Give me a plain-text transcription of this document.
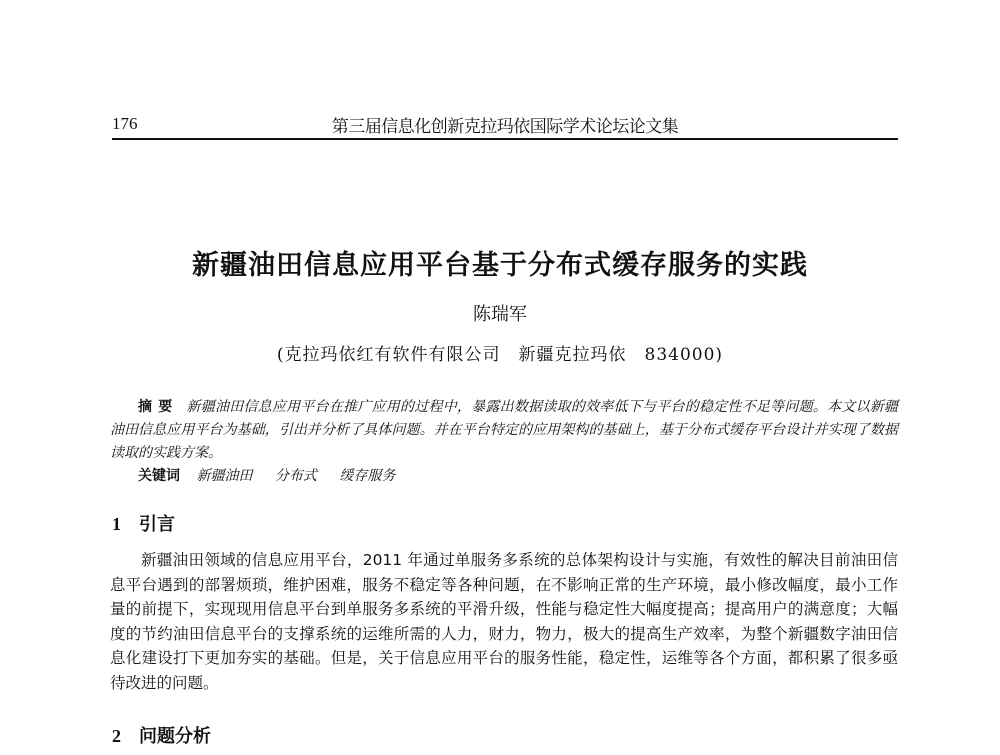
176	第三届信息化创新克拉玛依国际学术论坛论文集
新疆油田信息应用平台基于分布式缓存服务的实践
陈瑞军
(克拉玛依红有软件有限公司　新疆克拉玛依　834000)
摘要 新疆油田信息应用平台在推广应用的过程中，暴露出数据读取的效率低下与平台的稳定性不足等问题。本文以新疆油田信息应用平台为基础，引出并分析了具体问题。并在平台特定的应用架构的基础上，基于分布式缓存平台设计并实现了数据读取的实践方案。
关键词 新疆油田 分布式 缓存服务
1 引言
新疆油田领域的信息应用平台，2011 年通过单服务多系统的总体架构设计与实施，有效性的解决目前油田信息平台遇到的部署烦琐，维护困难，服务不稳定等各种问题，在不影响正常的生产环境，最小修改幅度，最小工作量的前提下，实现现用信息平台到单服务多系统的平滑升级，性能与稳定性大幅度提高；提高用户的满意度；大幅度的节约油田信息平台的支撑系统的运维所需的人力，财力，物力，极大的提高生产效率，为整个新疆数字油田信息化建设打下更加夯实的基础。但是，关于信息应用平台的服务性能，稳定性，运维等各个方面，都积累了很多亟待改进的问题。
2 问题分析
